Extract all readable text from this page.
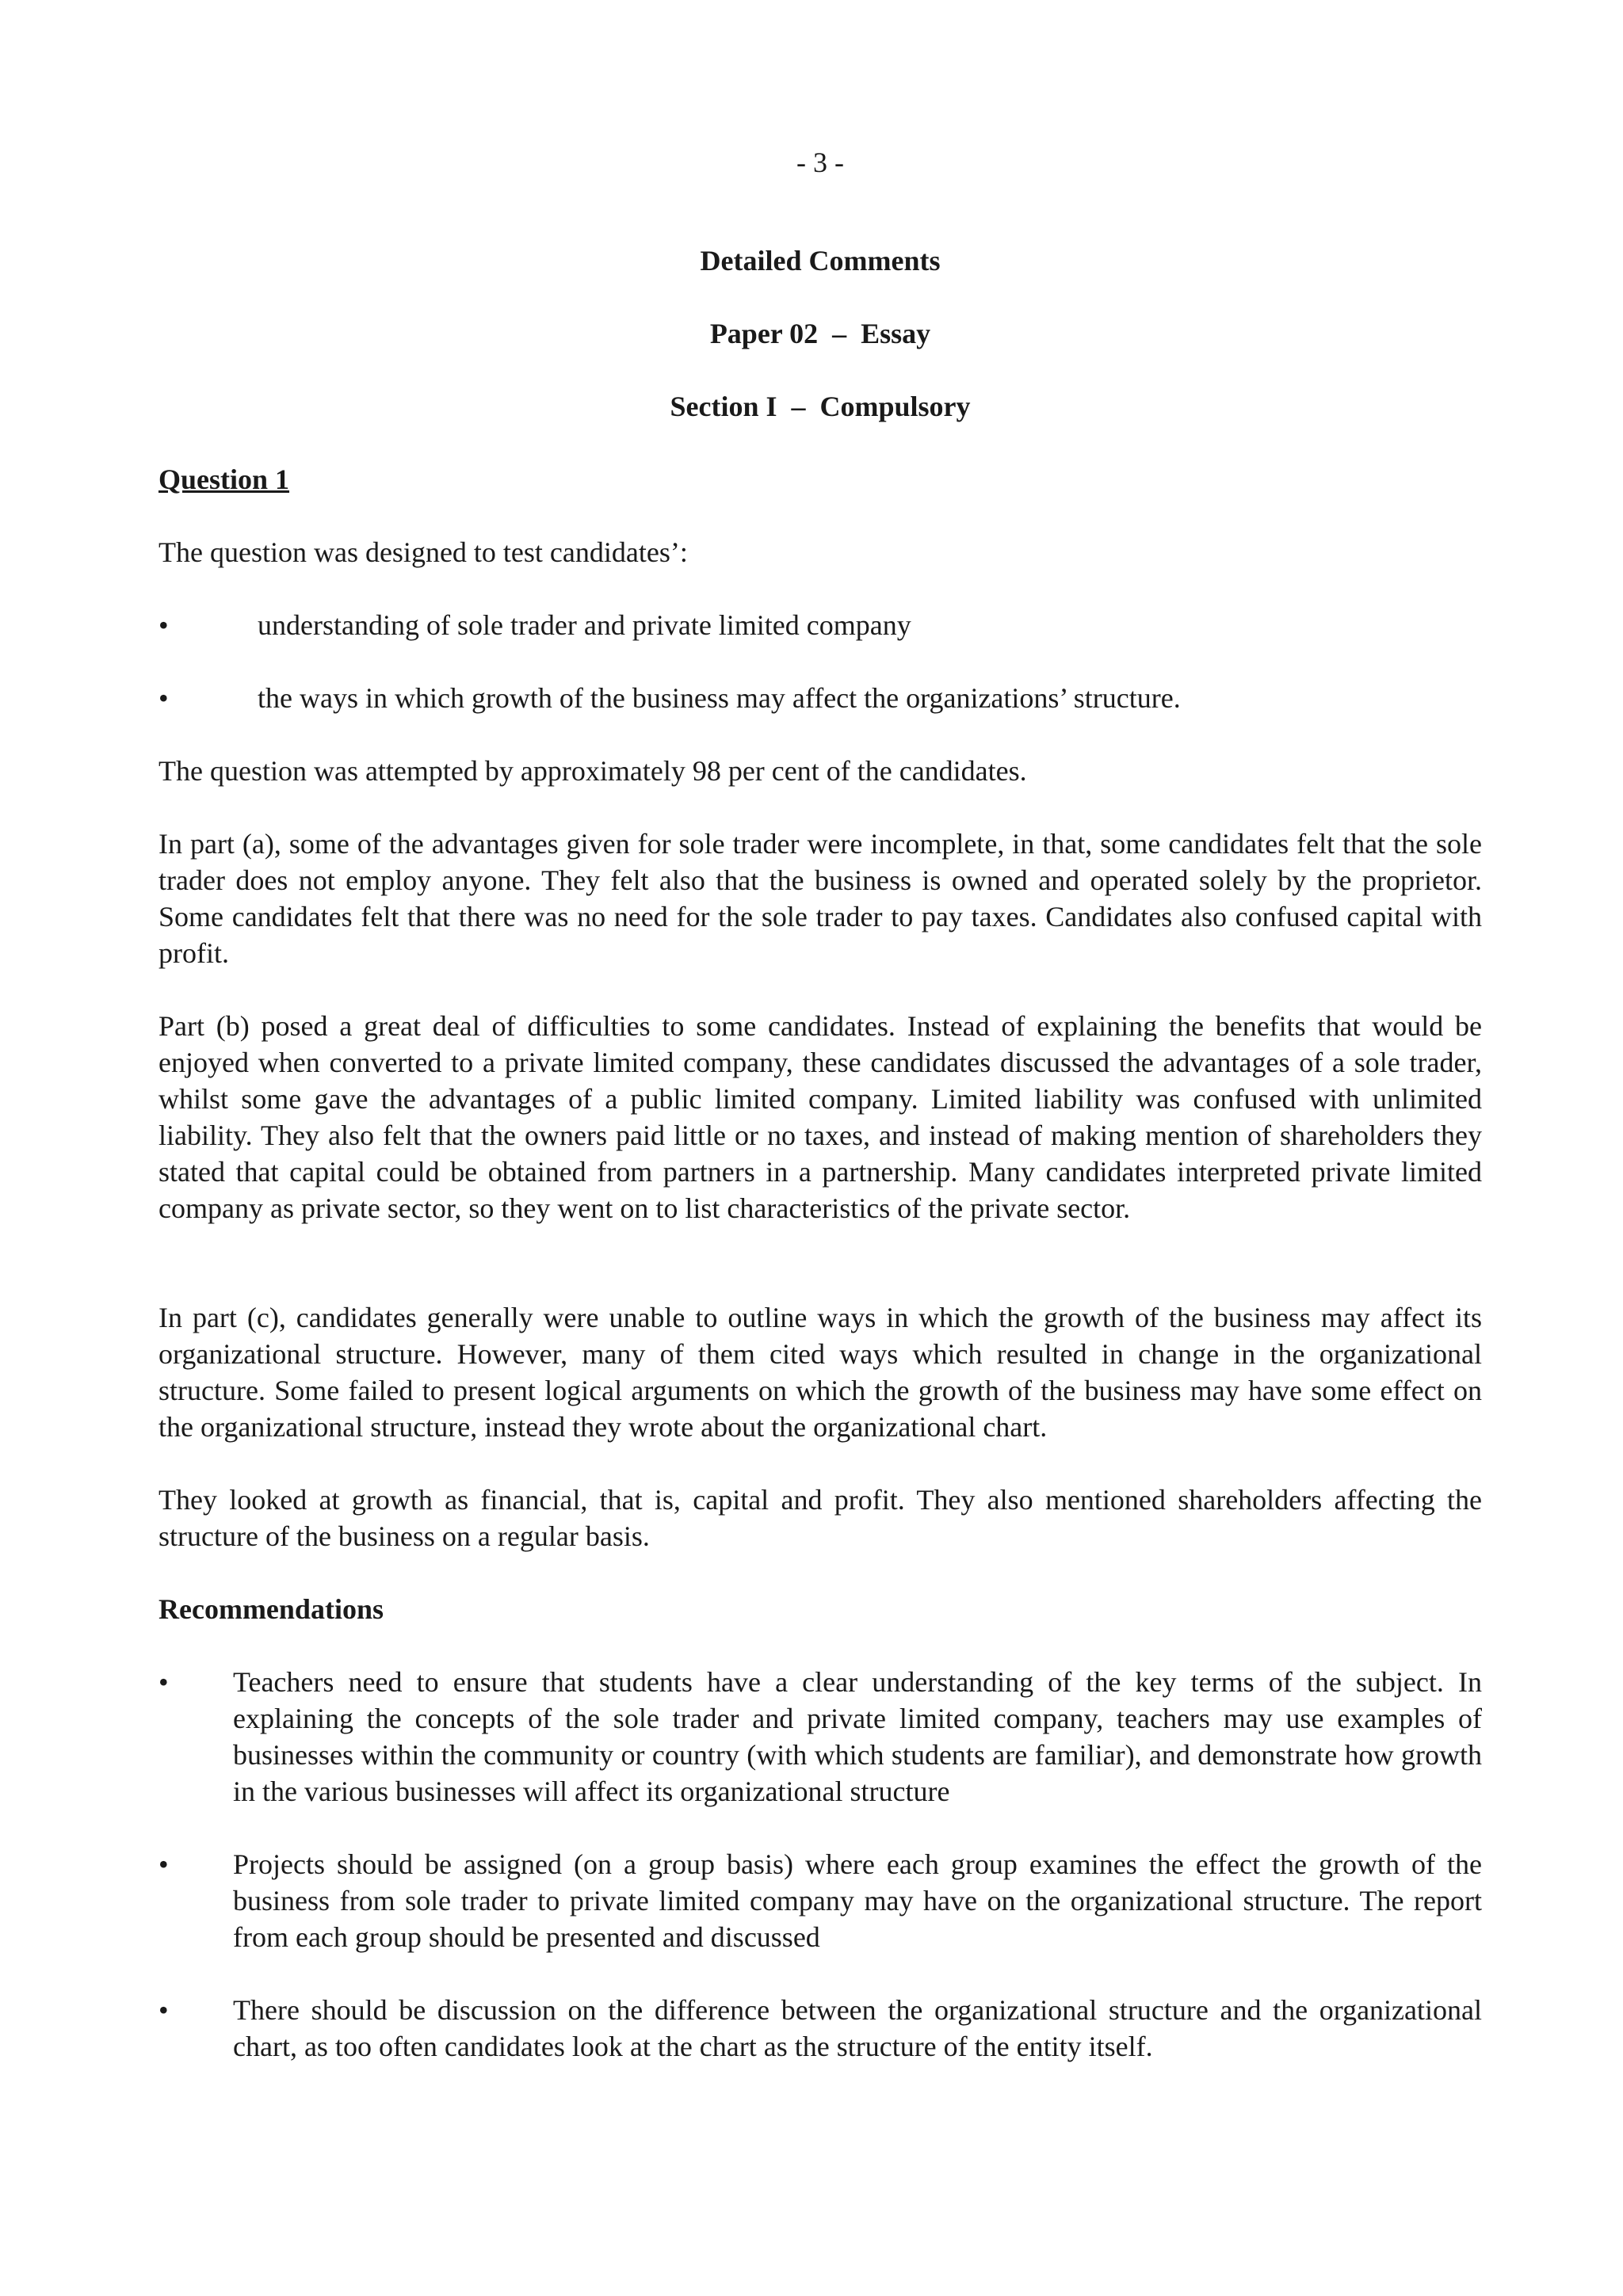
- 3 -

Detailed Comments

Paper 02  –  Essay

Section I  –  Compulsory

Question 1

The question was designed to test candidates’:

•	understanding of sole trader and private limited company

•	the ways in which growth of the business may affect the organizations’ structure.

The question was attempted by approximately 98 per cent of the candidates.

In part (a), some of the advantages given for sole trader were incomplete, in that, some candidates felt that the sole trader does not employ anyone. They felt also that the business is owned and operated solely by the proprietor. Some candidates felt that there was no need for the sole trader to pay taxes. Candidates also confused capital with profit.

Part (b) posed a great deal of difficulties to some candidates. Instead of explaining the benefits that would be enjoyed when converted to a private limited company, these candidates discussed the advantages of a sole trader, whilst some gave the advantages of a public limited company. Limited liability was confused with unlimited liability. They also felt that the owners paid little or no taxes, and instead of making mention of shareholders they stated that capital could be obtained from partners in a partnership. Many candidates interpreted private limited company as private sector, so they went on to list characteristics of the private sector.

In part (c), candidates generally were unable to outline ways in which the growth of the business may affect its organizational structure. However, many of them cited ways which resulted in change in the organizational structure. Some failed to present logical arguments on which the growth of the business may have some effect on the organizational structure, instead they wrote about the organizational chart.

They looked at growth as financial, that is, capital and profit. They also mentioned shareholders affecting the structure of the business on a regular basis.

Recommendations

• Teachers need to ensure that students have a clear understanding of the key terms of the subject. In explaining the concepts of the sole trader and private limited company, teachers may use examples of businesses within the community or country (with which students are familiar), and demonstrate how growth in the various businesses will affect its organizational structure

• Projects should be assigned (on a group basis) where each group examines the effect the growth of the business from sole trader to private limited company may have on the organizational structure. The report from each group should be presented and discussed

• There should be discussion on the difference between the organizational structure and the organizational chart, as too often candidates look at the chart as the structure of the entity itself.
